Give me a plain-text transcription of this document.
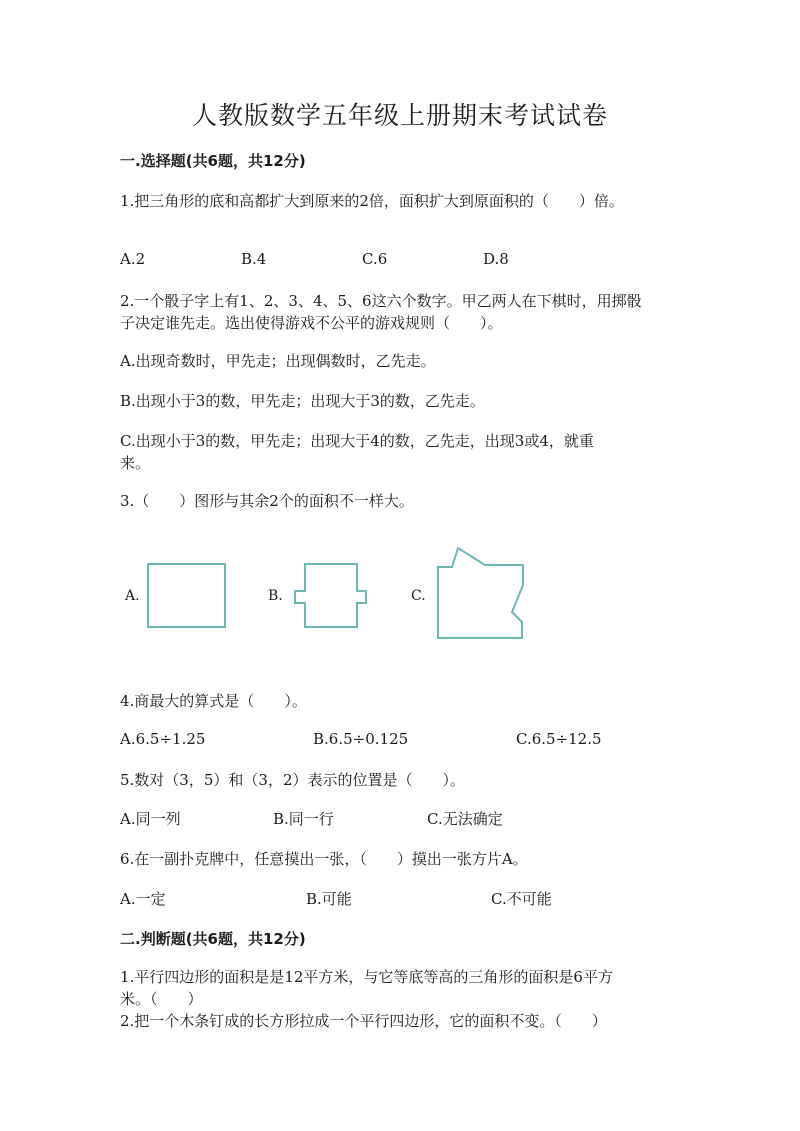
人教版数学五年级上册期末考试试卷
一.选择题(共6题，共12分)
1.把三角形的底和高都扩大到原来的2倍，面积扩大到原面积的（　　）倍。
A.2	B.4	C.6	D.8
2.一个骰子字上有1、2、3、4、5、6这六个数字。甲乙两人在下棋时，用掷骰
子决定谁先走。选出使得游戏不公平的游戏规则（　　）。
A.出现奇数时，甲先走；出现偶数时，乙先走。
B.出现小于3的数，甲先走；出现大于3的数，乙先走。
C.出现小于3的数，甲先走；出现大于4的数，乙先走，出现3或4，就重
来。
3.（　　）图形与其余2个的面积不一样大。
A.	B.	C.
4.商最大的算式是（　　）。
A.6.5÷1.25	B.6.5÷0.125	C.6.5÷12.5
5.数对（3，5）和（3，2）表示的位置是（　　）。
A.同一列	B.同一行	C.无法确定
6.在一副扑克牌中，任意摸出一张，（　　）摸出一张方片A。
A.一定	B.可能	C.不可能
二.判断题(共6题，共12分)
1.平行四边形的面积是是12平方米，与它等底等高的三角形的面积是6平方
米。（　　）
2.把一个木条钉成的长方形拉成一个平行四边形，它的面积不变。（　　）
